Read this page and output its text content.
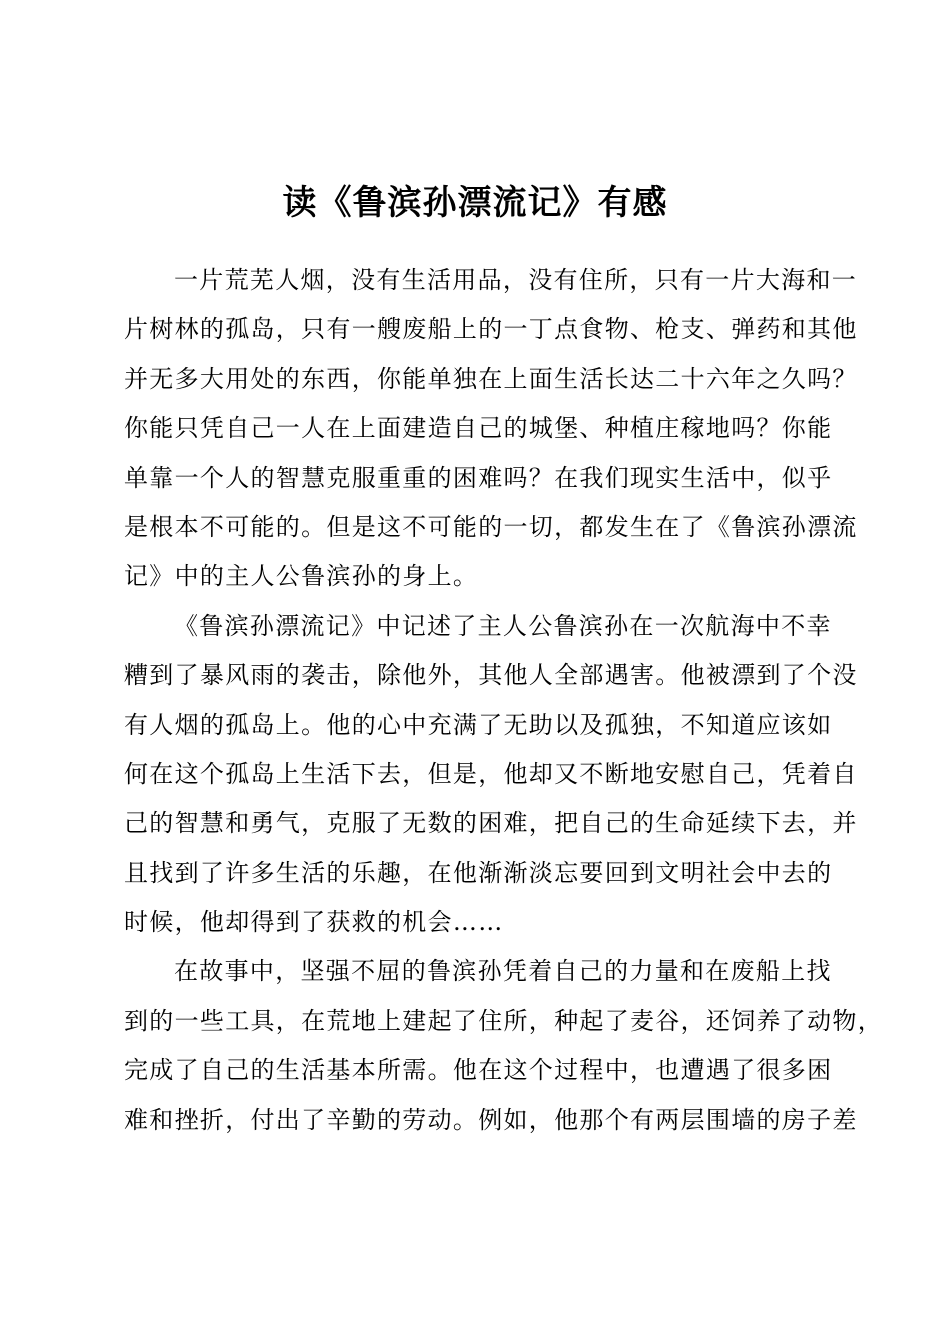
读《鲁滨孙漂流记》有感
一片荒芜人烟，没有生活用品，没有住所，只有一片大海和一
片树林的孤岛，只有一艘废船上的一丁点食物、枪支、弹药和其他
并无多大用处的东西，你能单独在上面生活长达二十六年之久吗？
你能只凭自己一人在上面建造自己的城堡、种植庄稼地吗？你能
单靠一个人的智慧克服重重的困难吗？在我们现实生活中，似乎
是根本不可能的。但是这不可能的一切，都发生在了《鲁滨孙漂流
记》中的主人公鲁滨孙的身上。
《鲁滨孙漂流记》中记述了主人公鲁滨孙在一次航海中不幸
糟到了暴风雨的袭击，除他外，其他人全部遇害。他被漂到了个没
有人烟的孤岛上。他的心中充满了无助以及孤独，不知道应该如
何在这个孤岛上生活下去，但是，他却又不断地安慰自己，凭着自
己的智慧和勇气，克服了无数的困难，把自己的生命延续下去，并
且找到了许多生活的乐趣，在他渐渐淡忘要回到文明社会中去的
时候，他却得到了获救的机会……
在故事中，坚强不屈的鲁滨孙凭着自己的力量和在废船上找
到的一些工具，在荒地上建起了住所，种起了麦谷，还饲养了动物，
完成了自己的生活基本所需。他在这个过程中，也遭遇了很多困
难和挫折，付出了辛勤的劳动。例如，他那个有两层围墙的房子差
